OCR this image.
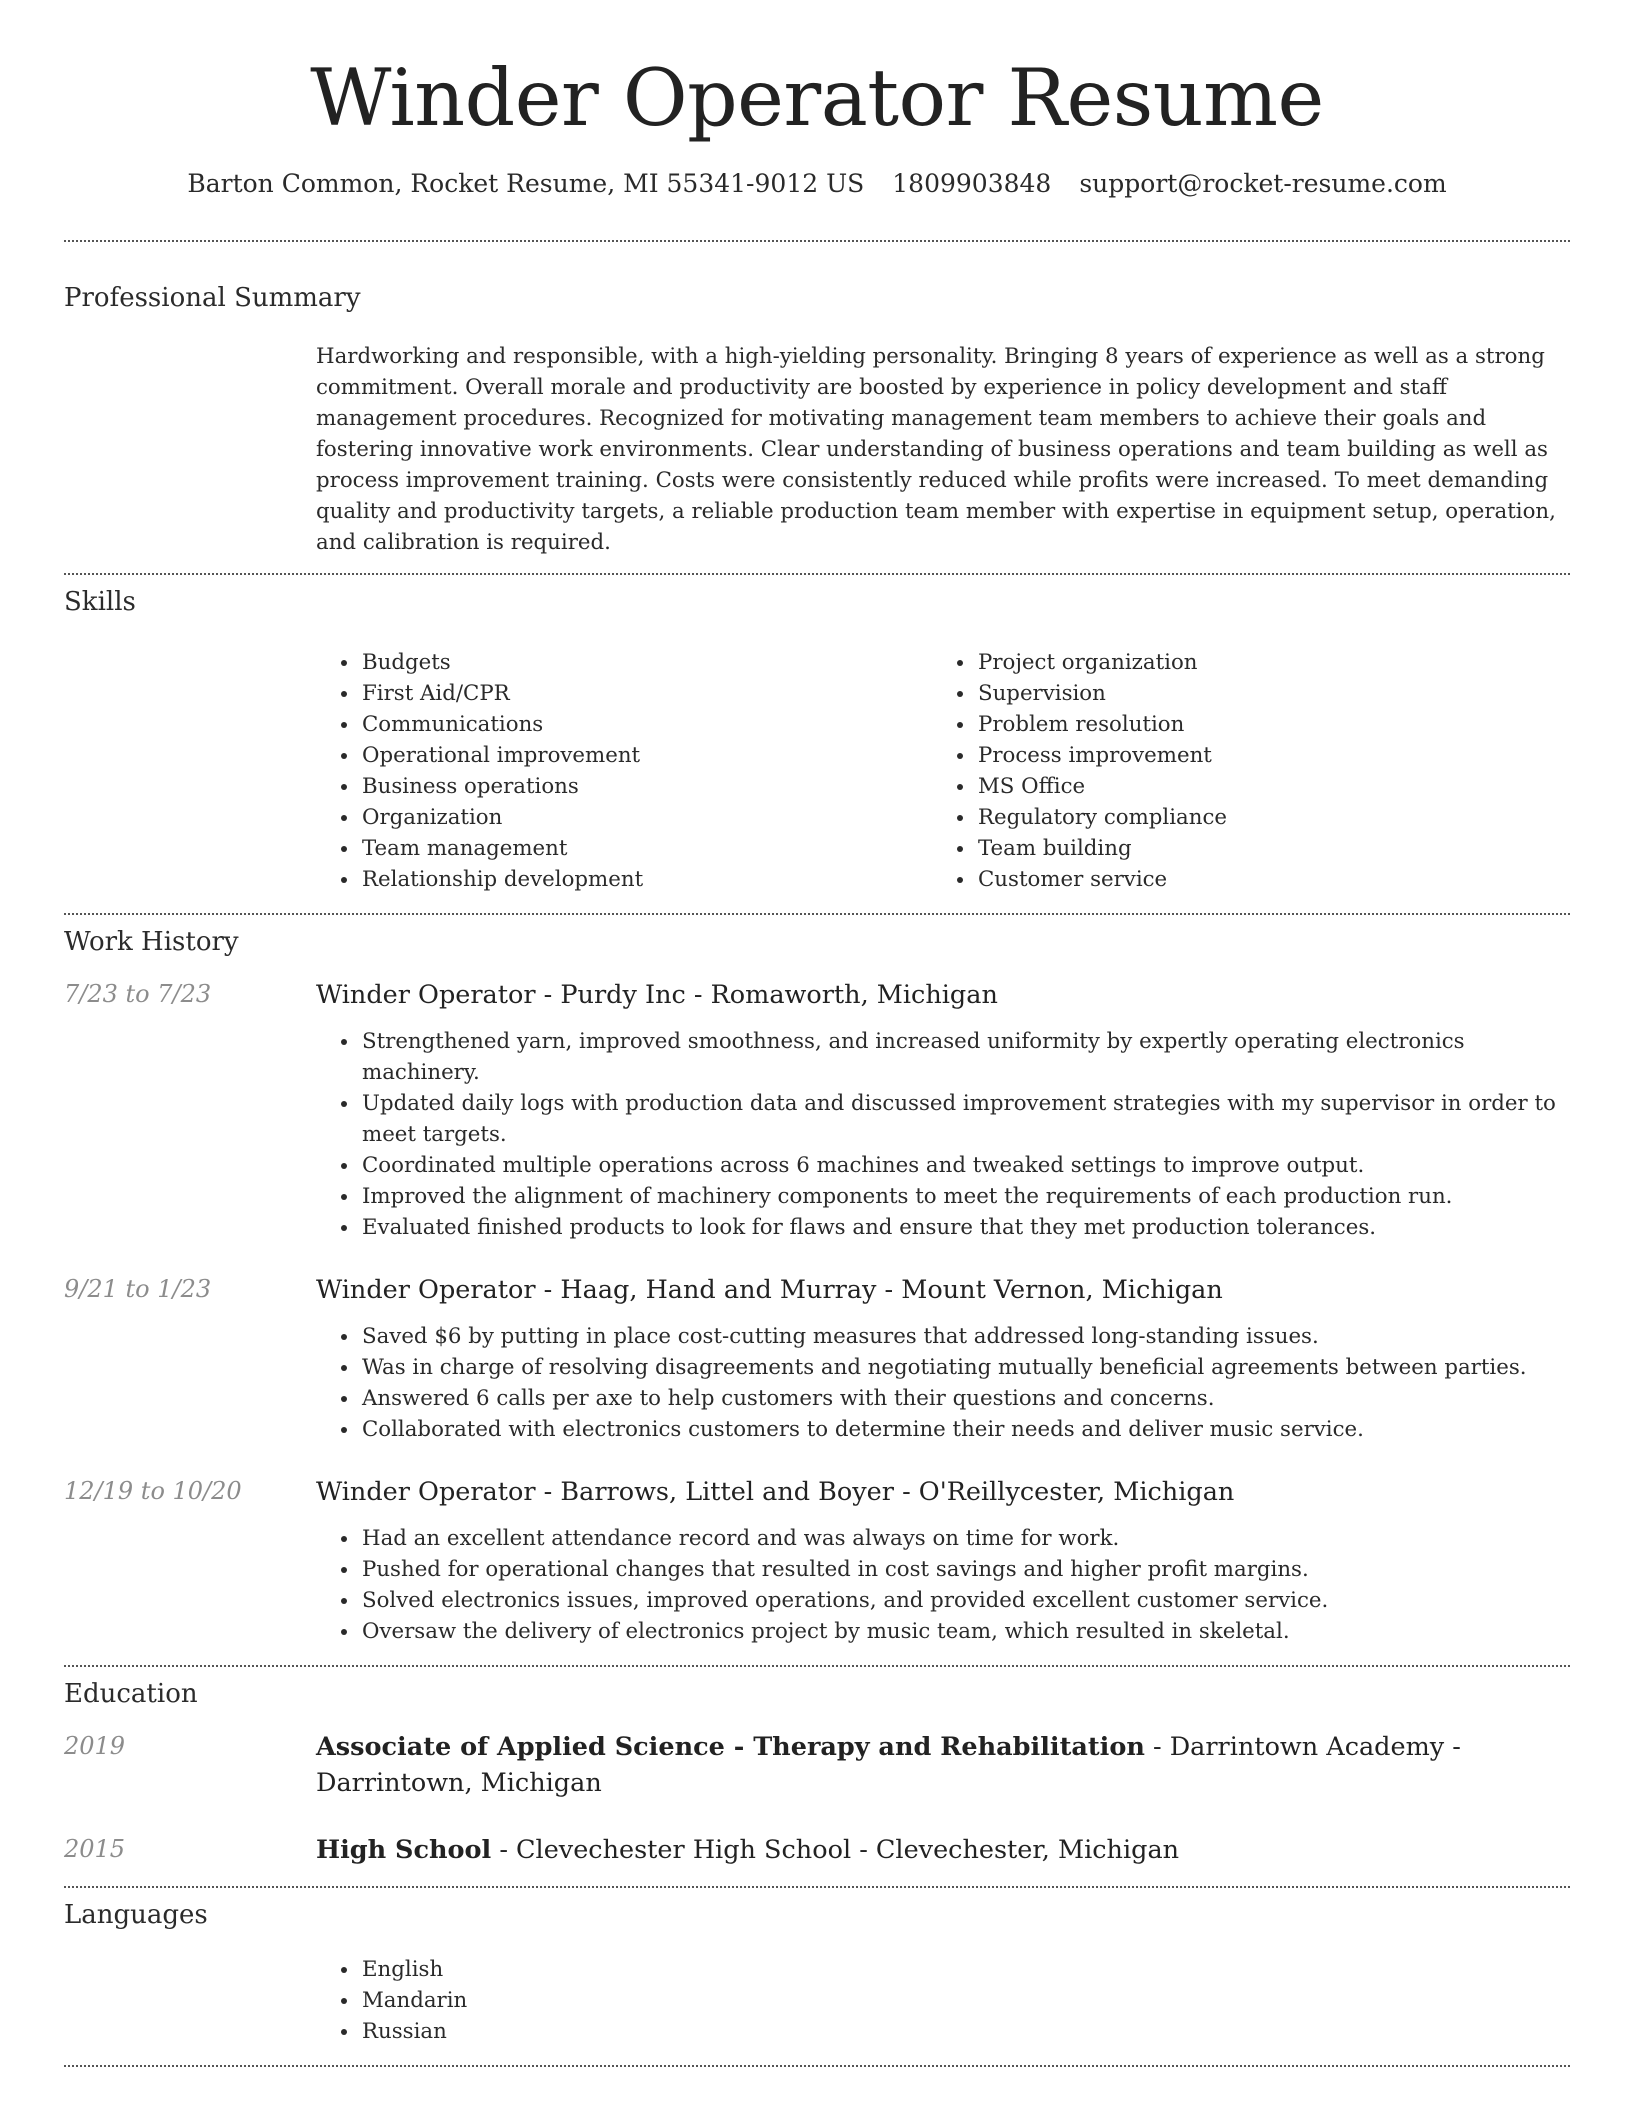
Winder Operator Resume
Barton Common, Rocket Resume, MI 55341-9012 US 1809903848 support@rocket-resume.com
Professional Summary

Hardworking and responsible, with a high-yielding personality. Bringing 8 years of experience as well as a strong commitment. Overall morale and productivity are boosted by experience in policy development and staff management procedures. Recognized for motivating management team members to achieve their goals and fostering innovative work environments. Clear understanding of business operations and team building as well as process improvement training. Costs were consistently reduced while profits were increased. To meet demanding quality and productivity targets, a reliable production team member with expertise in equipment setup, operation, and calibration is required.

Skills
• Budgets
• First Aid/CPR
• Communications
• Operational improvement
• Business operations
• Organization
• Team management
• Relationship development
• Project organization
• Supervision
• Problem resolution
• Process improvement
• MS Office
• Regulatory compliance
• Team building
• Customer service
Work History
7/23 to 7/23	Winder Operator - Purdy Inc - Romaworth, Michigan
• Strengthened yarn, improved smoothness, and increased uniformity by expertly operating electronics machinery.
• Updated daily logs with production data and discussed improvement strategies with my supervisor in order to meet targets.
• Coordinated multiple operations across 6 machines and tweaked settings to improve output.
• Improved the alignment of machinery components to meet the requirements of each production run.
• Evaluated finished products to look for flaws and ensure that they met production tolerances.
9/21 to 1/23	Winder Operator - Haag, Hand and Murray - Mount Vernon, Michigan
• Saved $6 by putting in place cost-cutting measures that addressed long-standing issues.
• Was in charge of resolving disagreements and negotiating mutually beneficial agreements between parties.
• Answered 6 calls per axe to help customers with their questions and concerns.
• Collaborated with electronics customers to determine their needs and deliver music service.
12/19 to 10/20	Winder Operator - Barrows, Littel and Boyer - O'Reillycester, Michigan
• Had an excellent attendance record and was always on time for work.
• Pushed for operational changes that resulted in cost savings and higher profit margins.
• Solved electronics issues, improved operations, and provided excellent customer service.
• Oversaw the delivery of electronics project by music team, which resulted in skeletal.
Education
2019	Associate of Applied Science - Therapy and Rehabilitation - Darrintown Academy - Darrintown, Michigan
2015	High School - Clevechester High School - Clevechester, Michigan
Languages
• English
• Mandarin
• Russian
